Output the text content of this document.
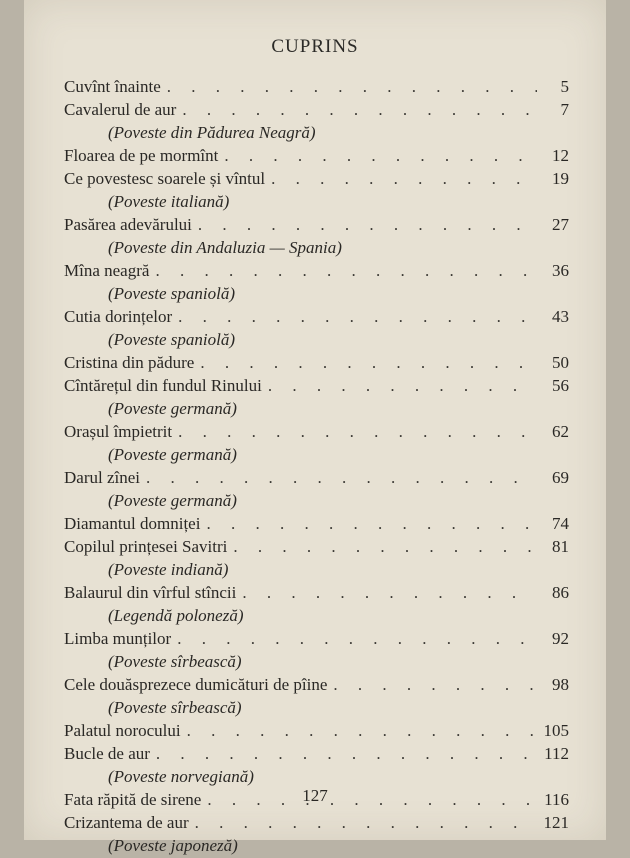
CUPRINS
Cuvînt înainte . . .	5
Cavalerul de aur . . .	7
(Poveste din Pădurea Neagră)
Floarea de pe mormînt . . .	12
Ce povestesc soarele și vîntul . . .	19
(Poveste italiană)
Pasărea adevărului . . .	27
(Poveste din Andaluzia — Spania)
Mîna neagră . . .	36
(Poveste spaniolă)
Cutia dorințelor . . .	43
(Poveste spaniolă)
Cristina din pădure . . .	50
Cîntărețul din fundul Rinului . . .	56
(Poveste germană)
Orașul împietrit . . .	62
(Poveste germană)
Darul zînei . . .	69
(Poveste germană)
Diamantul domniței . . .	74
Copilul prințesei Savitri . . .	81
(Poveste indiană)
Balaurul din vîrful stîncii . . .	86
(Legendă poloneză)
Limba munților . . .	92
(Poveste sîrbească)
Cele douăsprezece dumicături de pîine . . .	98
(Poveste sîrbească)
Palatul norocului . . .	105
Bucle de aur . . .	112
(Poveste norvegiană)
Fata răpită de sirene . . .	116
Crizantema de aur . . .	121
(Poveste japoneză)
127
